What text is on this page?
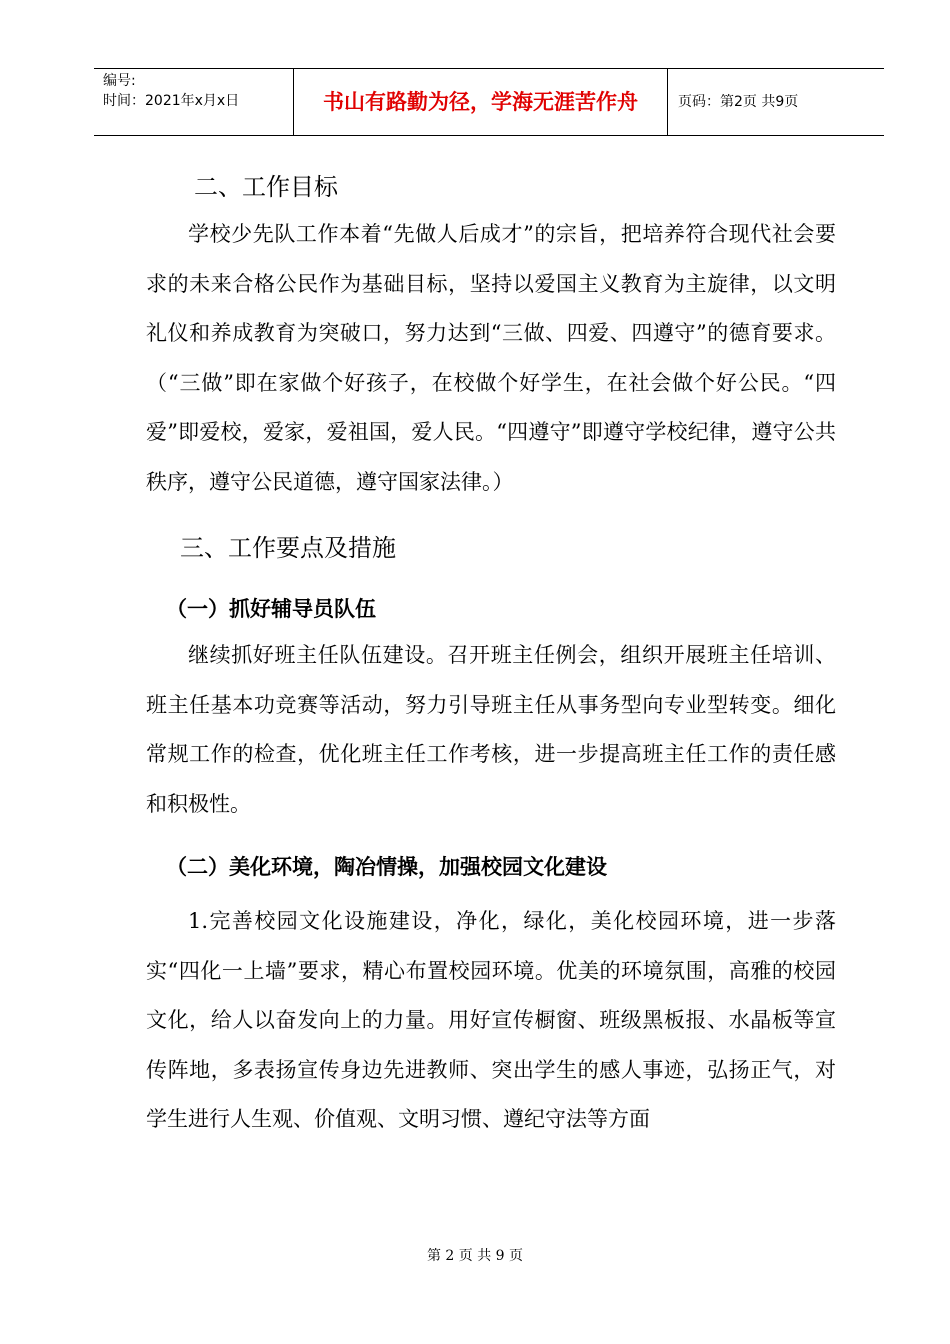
编号:
时间：2021年x月x日	书山有路勤为径，学海无涯苦作舟	页码：第2页 共9页
二、工作目标

学校少先队工作本着“先做人后成才”的宗旨，把培养符合现代社会要求的未来合格公民作为基础目标，坚持以爱国主义教育为主旋律，以文明礼仪和养成教育为突破口，努力达到“三做、四爱、四遵守”的德育要求。（“三做”即在家做个好孩子，在校做个好学生，在社会做个好公民。“四爱”即爱校，爱家，爱祖国，爱人民。“四遵守”即遵守学校纪律，遵守公共秩序，遵守公民道德，遵守国家法律。）

三、工作要点及措施
（一）抓好辅导员队伍

继续抓好班主任队伍建设。召开班主任例会，组织开展班主任培训、班主任基本功竞赛等活动，努力引导班主任从事务型向专业型转变。细化常规工作的检查，优化班主任工作考核，进一步提高班主任工作的责任感和积极性。

（二）美化环境，陶冶情操，加强校园文化建设

1.完善校园文化设施建设，净化，绿化，美化校园环境，进一步落实“四化一上墙”要求，精心布置校园环境。优美的环境氛围，高雅的校园文化，给人以奋发向上的力量。用好宣传橱窗、班级黑板报、水晶板等宣传阵地，多表扬宣传身边先进教师、突出学生的感人事迹，弘扬正气，对学生进行人生观、价值观、文明习惯、遵纪守法等方面

第 2 页 共 9 页
